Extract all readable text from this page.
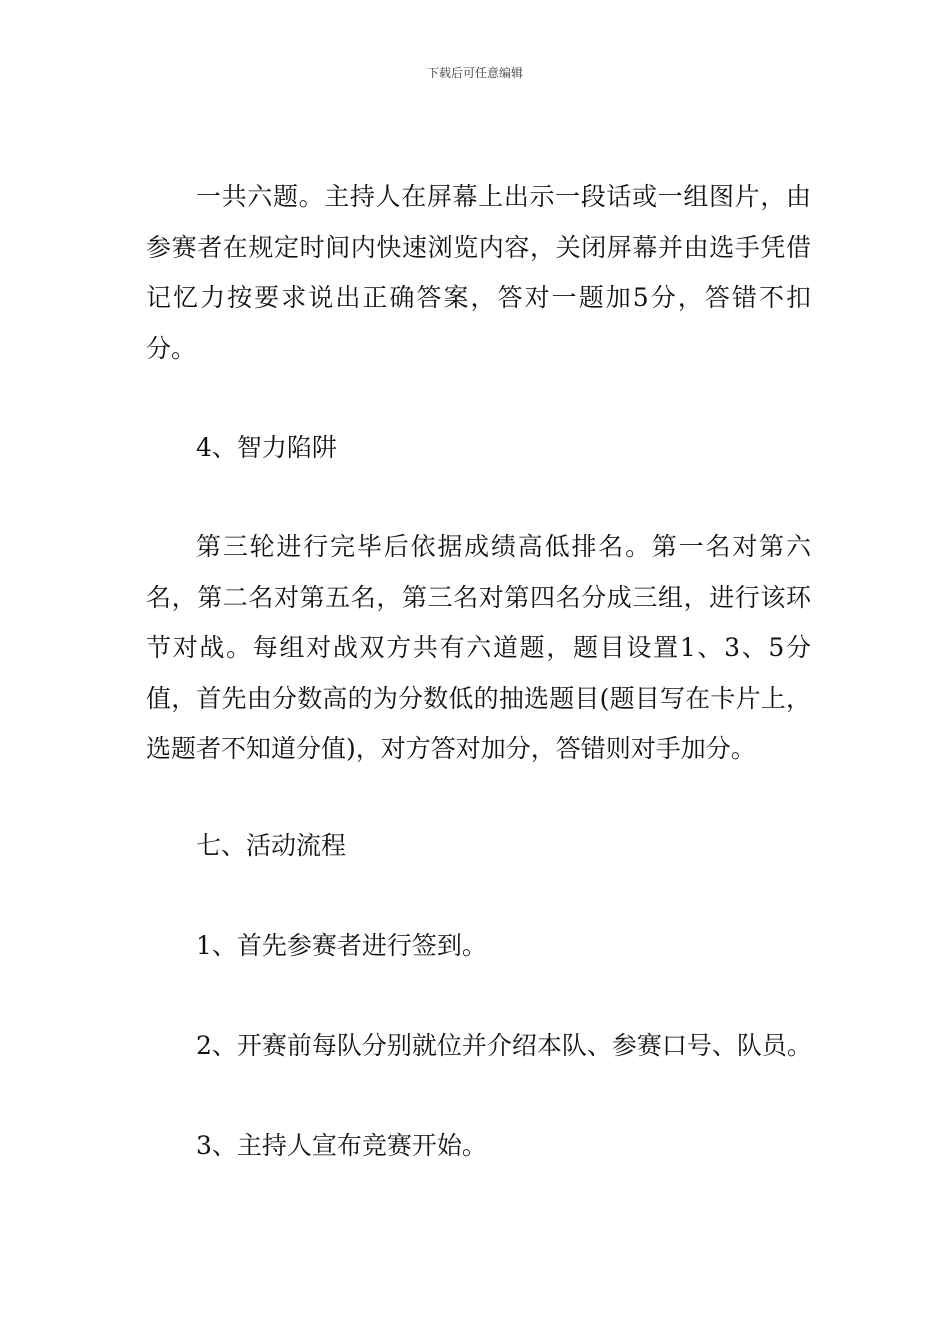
下载后可任意编辑

一共六题。主持人在屏幕上出示一段话或一组图片，由参赛者在规定时间内快速浏览内容，关闭屏幕并由选手凭借记忆力按要求说出正确答案，答对一题加5分，答错不扣分。

4、智力陷阱

第三轮进行完毕后依据成绩高低排名。第一名对第六名，第二名对第五名，第三名对第四名分成三组，进行该环节对战。每组对战双方共有六道题，题目设置1、3、5分值，首先由分数高的为分数低的抽选题目(题目写在卡片上，选题者不知道分值)，对方答对加分，答错则对手加分。

七、活动流程
1、首先参赛者进行签到。
2、开赛前每队分别就位并介绍本队、参赛口号、队员。
3、主持人宣布竞赛开始。
